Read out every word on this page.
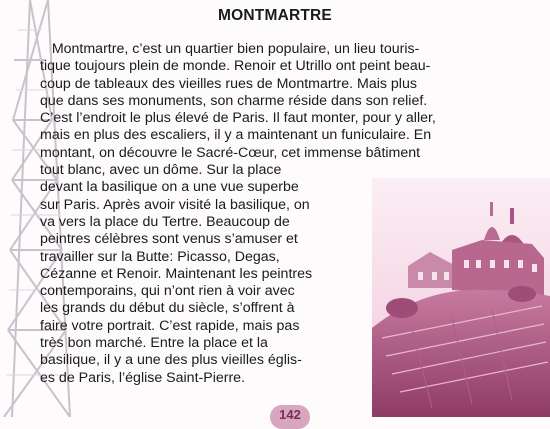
MONTMARTRE
Montmartre, c’est un quartier bien populaire, un lieu touris-
tique toujours plein de monde. Renoir et Utrillo ont peint beau-
coup de tableaux des vieilles rues de Montmartre. Mais plus
que dans ses monuments, son charme réside dans son relief.
C’est l’endroit le plus élevé de Paris. Il faut monter, pour y aller,
mais en plus des escaliers, il y a maintenant un funiculaire. En
montant, on découvre le Sacré-Cœur, cet immense bâtiment
tout blanc, avec un dôme. Sur la place
devant la basilique on a une vue superbe
sur Paris. Après avoir visité la basilique, on
va vers la place du Tertre. Beaucoup de
peintres célèbres sont venus s’amuser et
travailler sur la Butte: Picasso, Degas,
Cézanne et Renoir. Maintenant les peintres
contemporains, qui n’ont rien à voir avec
les grands du début du siècle, s’offrent à
faire votre portrait. C’est rapide, mais pas
très bon marché. Entre la place et la
basilique, il y a une des plus vieilles églis-
es de Paris, l’église Saint-Pierre.
142
